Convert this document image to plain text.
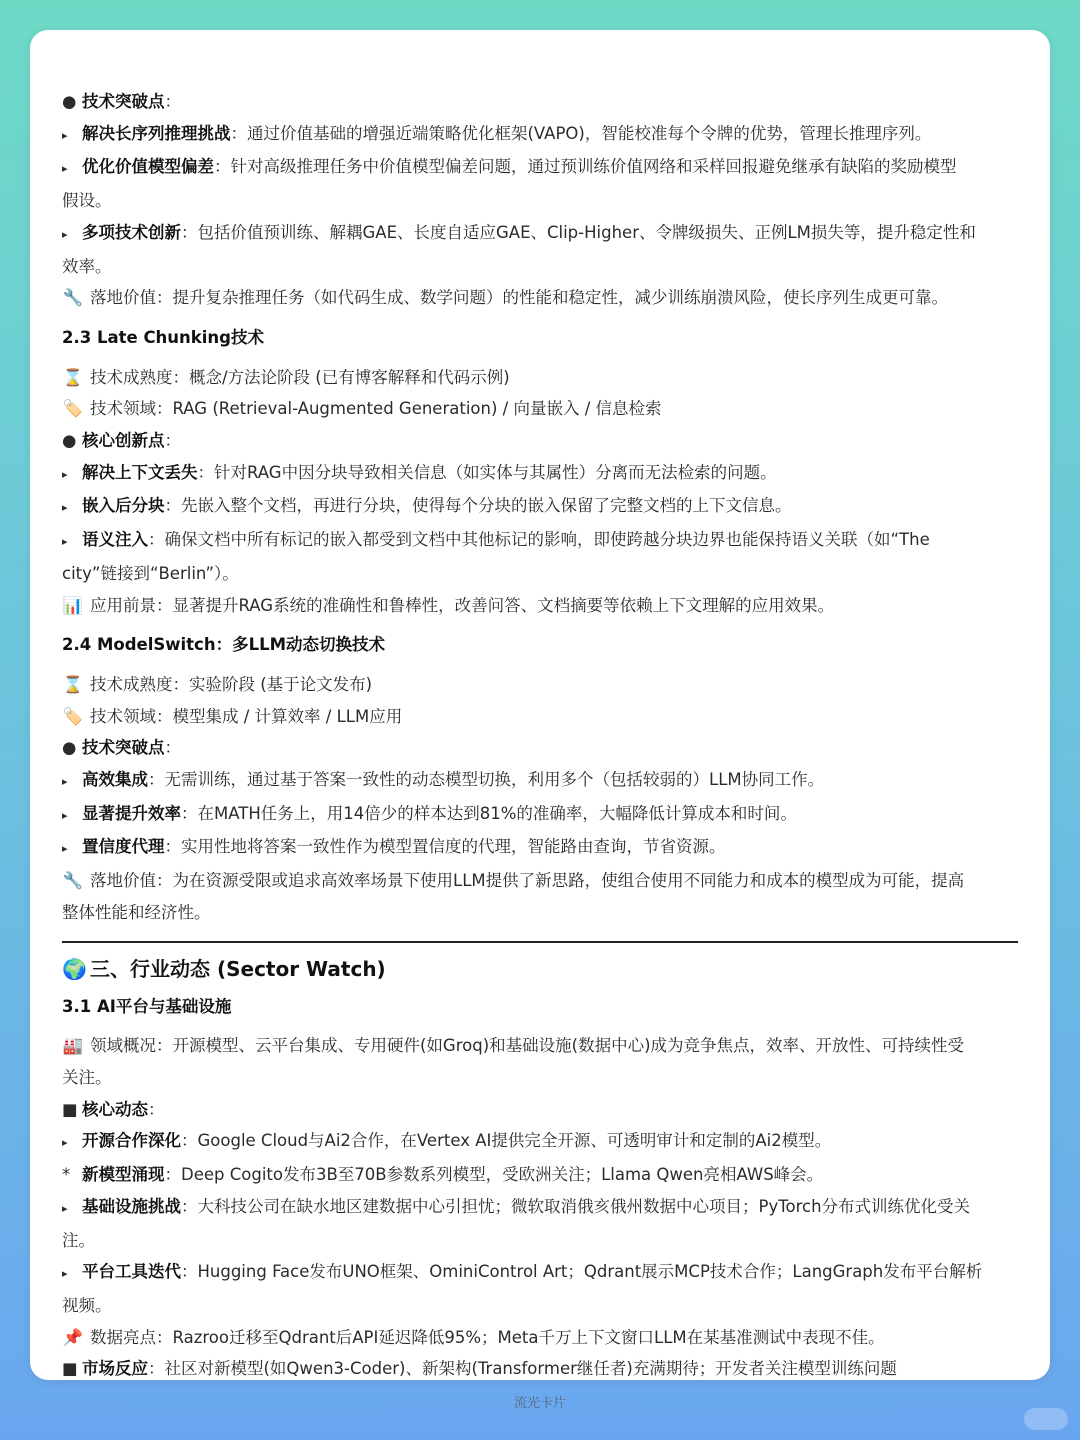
● 技术突破点：

▸ 解决长序列推理挑战：通过价值基础的增强近端策略优化框架(VAPO)，智能校准每个令牌的优势，管理长推理序列。

▸ 优化价值模型偏差：针对高级推理任务中价值模型偏差问题，通过预训练价值网络和采样回报避免继承有缺陷的奖励模型

假设。

▸ 多项技术创新：包括价值预训练、解耦GAE、长度自适应GAE、Clip-Higher、令牌级损失、正例LM损失等，提升稳定性和

效率。

🔧 落地价值：提升复杂推理任务（如代码生成、数学问题）的性能和稳定性，减少训练崩溃风险，使长序列生成更可靠。

2.3 Late Chunking技术

⌛ 技术成熟度：概念/方法论阶段 (已有博客解释和代码示例)

🏷️ 技术领域：RAG (Retrieval-Augmented Generation) / 向量嵌入 / 信息检索

● 核心创新点：

▸ 解决上下文丢失：针对RAG中因分块导致相关信息（如实体与其属性）分离而无法检索的问题。

▸ 嵌入后分块：先嵌入整个文档，再进行分块，使得每个分块的嵌入保留了完整文档的上下文信息。

▸ 语义注入：确保文档中所有标记的嵌入都受到文档中其他标记的影响，即使跨越分块边界也能保持语义关联（如“The

city”链接到“Berlin”）。

📊 应用前景：显著提升RAG系统的准确性和鲁棒性，改善问答、文档摘要等依赖上下文理解的应用效果。

2.4 ModelSwitch：多LLM动态切换技术

⌛ 技术成熟度：实验阶段 (基于论文发布)

🏷️ 技术领域：模型集成 / 计算效率 / LLM应用

● 技术突破点：

▸ 高效集成：无需训练，通过基于答案一致性的动态模型切换，利用多个（包括较弱的）LLM协同工作。

▸ 显著提升效率：在MATH任务上，用14倍少的样本达到81%的准确率，大幅降低计算成本和时间。

▸ 置信度代理：实用性地将答案一致性作为模型置信度的代理，智能路由查询，节省资源。

🔧 落地价值：为在资源受限或追求高效率场景下使用LLM提供了新思路，使组合使用不同能力和成本的模型成为可能，提高

整体性能和经济性。

🌍 三、行业动态 (Sector Watch)

3.1 AI平台与基础设施

🏭 领域概况：开源模型、云平台集成、专用硬件(如Groq)和基础设施(数据中心)成为竞争焦点，效率、开放性、可持续性受

关注。

■ 核心动态：

▸ 开源合作深化：Google Cloud与Ai2合作，在Vertex AI提供完全开源、可透明审计和定制的Ai2模型。

* 新模型涌现：Deep Cogito发布3B至70B参数系列模型，受欧洲关注；Llama Qwen亮相AWS峰会。

▸ 基础设施挑战：大科技公司在缺水地区建数据中心引担忧；微软取消俄亥俄州数据中心项目；PyTorch分布式训练优化受关

注。

▸ 平台工具迭代：Hugging Face发布UNO框架、OminiControl Art；Qdrant展示MCP技术合作；LangGraph发布平台解析

视频。

📌 数据亮点：Razroo迁移至Qdrant后API延迟降低95%；Meta千万上下文窗口LLM在某基准测试中表现不佳。

■ 市场反应：社区对新模型(如Qwen3-Coder)、新架构(Transformer继任者)充满期待；开发者关注模型训练问题

流光卡片
